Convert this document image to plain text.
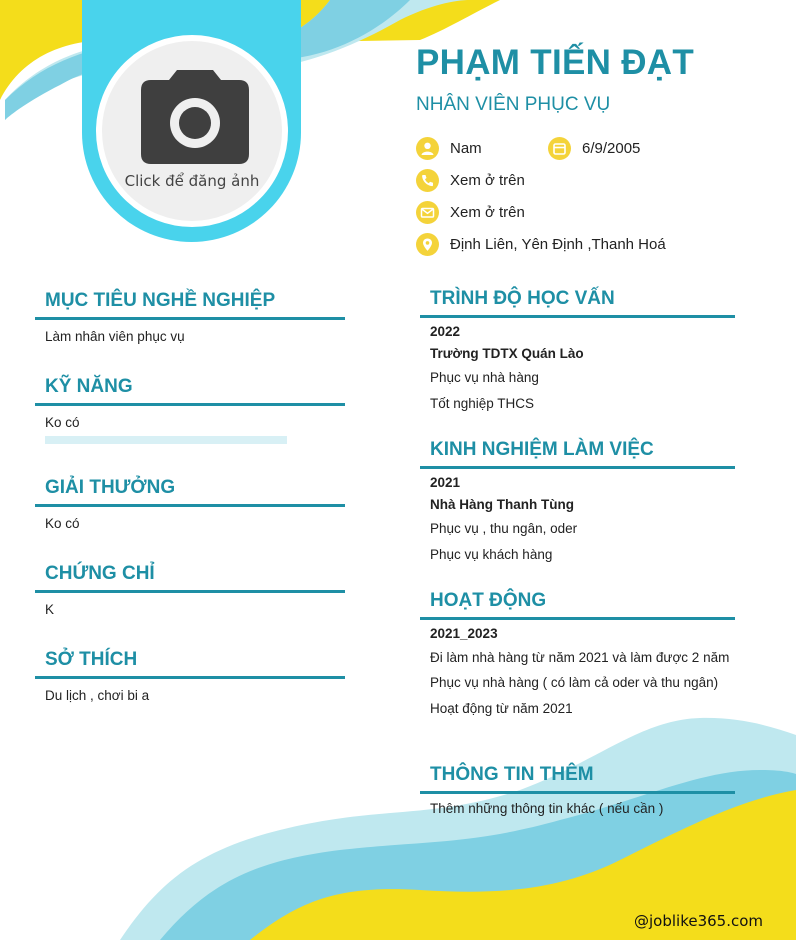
Click để đăng ảnh
PHẠM TIẾN ĐẠT
NHÂN VIÊN PHỤC VỤ
Nam	6/9/2005
Xem ở trên
Xem ở trên
Định Liên, Yên Định ,Thanh Hoá
MỤC TIÊU NGHỀ NGHIỆP
Làm nhân viên phục vụ
KỸ NĂNG
Ko có
GIẢI THƯỞNG
Ko có
CHỨNG CHỈ
K
SỞ THÍCH
Du lịch , chơi bi a
TRÌNH ĐỘ HỌC VẤN
2022
Trường TDTX Quán Lào
Phục vụ nhà hàng
Tốt nghiệp THCS
KINH NGHIỆM LÀM VIỆC
2021
Nhà Hàng Thanh Tùng
Phục vụ , thu ngân, oder
Phục vụ khách hàng
HOẠT ĐỘNG
2021_2023
Đi làm nhà hàng từ năm 2021 và làm được 2 năm
Phục vụ nhà hàng ( có làm cả oder và thu ngân)
Hoạt động từ năm 2021
THÔNG TIN THÊM
Thêm những thông tin khác ( nếu cần )
@joblike365.com
